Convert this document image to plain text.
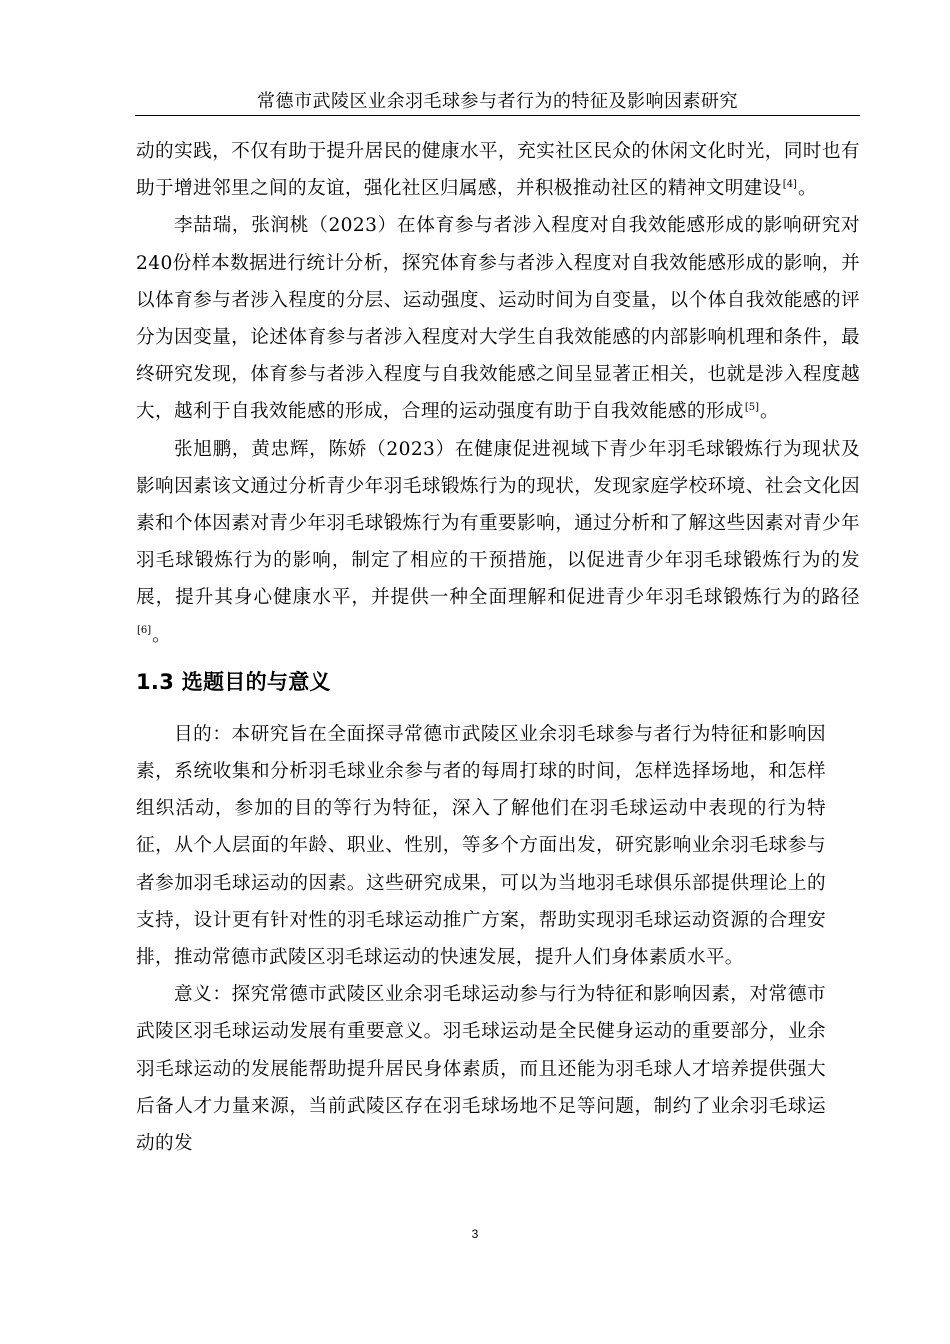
常德市武陵区业余羽毛球参与者行为的特征及影响因素研究

动的实践，不仅有助于提升居民的健康水平，充实社区民众的休闲文化时光，同时也有助于增进邻里之间的友谊，强化社区归属感，并积极推动社区的精神文明建设[4]。

李喆瑞，张润桃（2023）在体育参与者涉入程度对自我效能感形成的影响研究对240份样本数据进行统计分析，探究体育参与者涉入程度对自我效能感形成的影响，并以体育参与者涉入程度的分层、运动强度、运动时间为自变量，以个体自我效能感的评分为因变量，论述体育参与者涉入程度对大学生自我效能感的内部影响机理和条件，最终研究发现，体育参与者涉入程度与自我效能感之间呈显著正相关，也就是涉入程度越大，越利于自我效能感的形成，合理的运动强度有助于自我效能感的形成[5]。

张旭鹏，黄忠辉，陈娇（2023）在健康促进视域下青少年羽毛球锻炼行为现状及影响因素该文通过分析青少年羽毛球锻炼行为的现状，发现家庭学校环境、社会文化因素和个体因素对青少年羽毛球锻炼行为有重要影响，通过分析和了解这些因素对青少年羽毛球锻炼行为的影响，制定了相应的干预措施，以促进青少年羽毛球锻炼行为的发展，提升其身心健康水平，并提供一种全面理解和促进青少年羽毛球锻炼行为的路径[6]。

1.3 选题目的与意义

目的：本研究旨在全面探寻常德市武陵区业余羽毛球参与者行为特征和影响因素，系统收集和分析羽毛球业余参与者的每周打球的时间，怎样选择场地，和怎样组织活动，参加的目的等行为特征，深入了解他们在羽毛球运动中表现的行为特征，从个人层面的年龄、职业、性别，等多个方面出发，研究影响业余羽毛球参与者参加羽毛球运动的因素。这些研究成果，可以为当地羽毛球俱乐部提供理论上的支持，设计更有针对性的羽毛球运动推广方案，帮助实现羽毛球运动资源的合理安排，推动常德市武陵区羽毛球运动的快速发展，提升人们身体素质水平。

意义：探究常德市武陵区业余羽毛球运动参与行为特征和影响因素，对常德市武陵区羽毛球运动发展有重要意义。羽毛球运动是全民健身运动的重要部分，业余羽毛球运动的发展能帮助提升居民身体素质，而且还能为羽毛球人才培养提供强大后备人才力量来源，当前武陵区存在羽毛球场地不足等问题，制约了业余羽毛球运动的发

3
